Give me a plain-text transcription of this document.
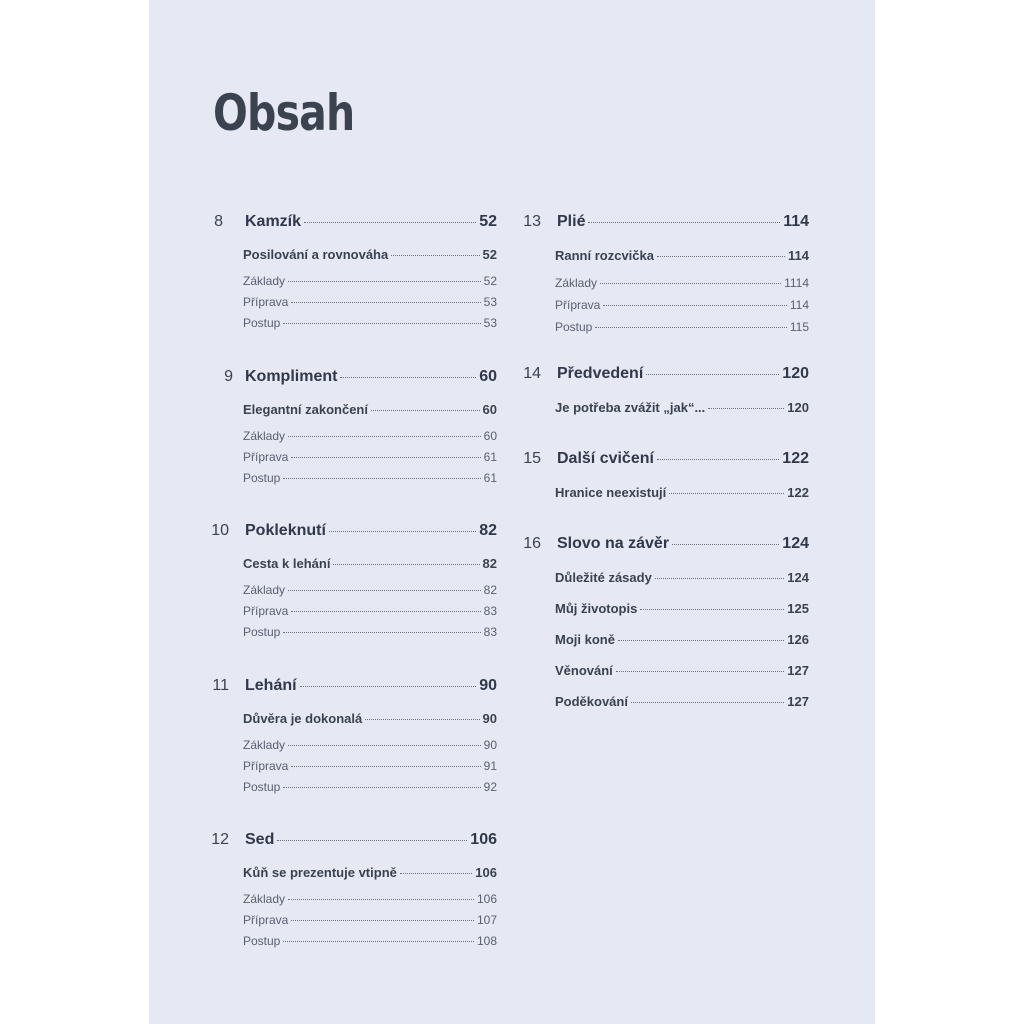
Obsah
8 Kamzík	52
Posilování a rovnováha	52
Základy	52
Příprava	53
Postup	53
9 Kompliment	60
Elegantní zakončení	60
Základy	60
Příprava	61
Postup	61
10 Pokleknutí	82
Cesta k lehání	82
Základy	82
Příprava	83
Postup	83
11 Lehání	90
Důvěra je dokonalá	90
Základy	90
Příprava	91
Postup	92
12 Sed	106
Kůň se prezentuje vtipně	106
Základy	106
Příprava	107
Postup	108
13 Plié	114
Ranní rozcvička	114
Základy	1114
Příprava	114
Postup	115
14 Předvedení	120
Je potřeba zvážit „jak“...	120
15 Další cvičení	122
Hranice neexistují	122
16 Slovo na závěr	124
Důležité zásady	124
Můj životopis	125
Moji koně	126
Věnování	127
Poděkování	127
